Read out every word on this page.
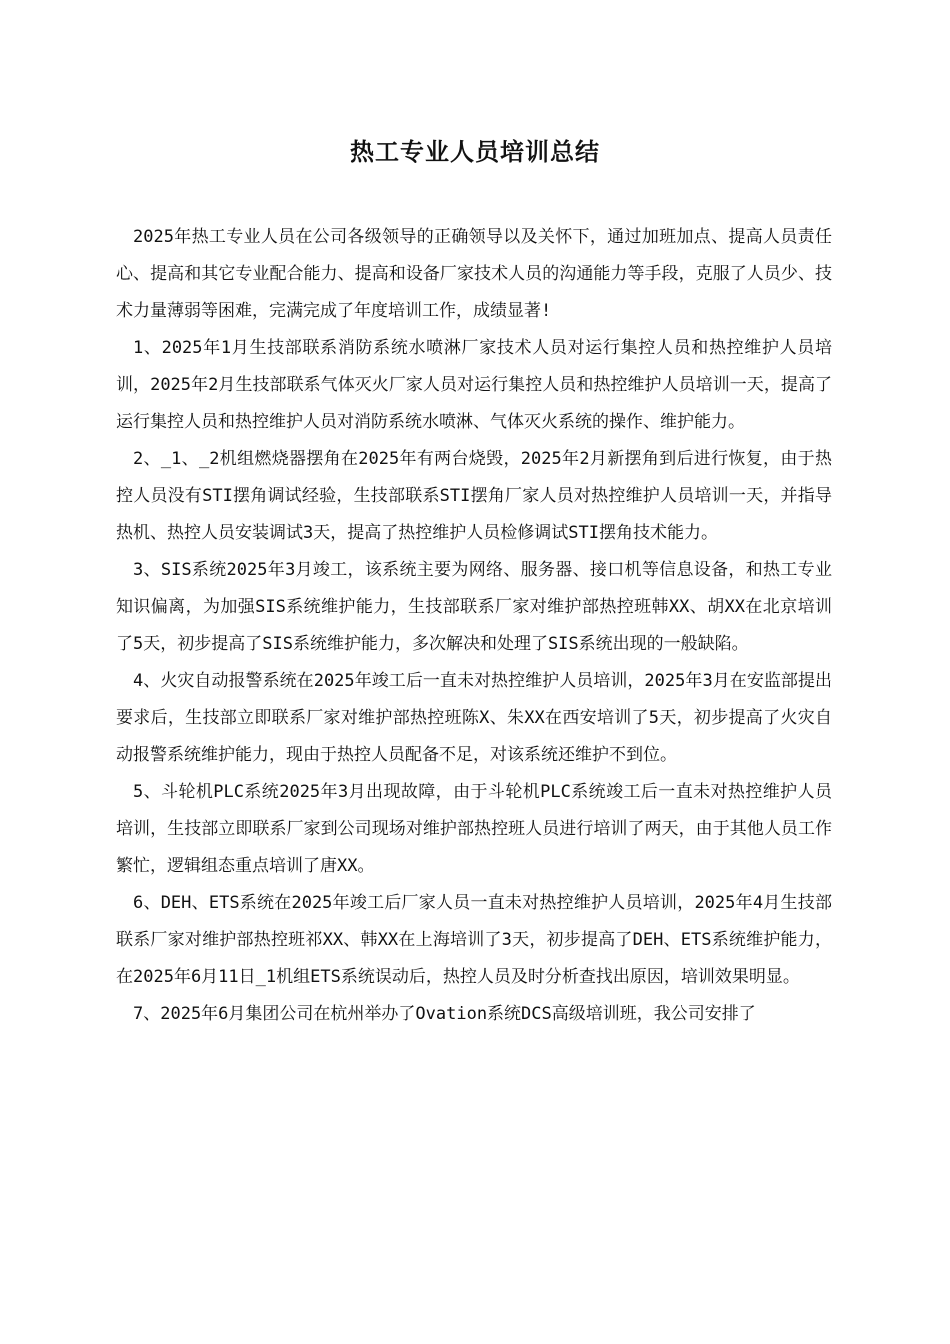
热工专业人员培训总结

2025年热工专业人员在公司各级领导的正确领导以及关怀下，通过加班加点、提高人员责任心、提高和其它专业配合能力、提高和设备厂家技术人员的沟通能力等手段，克服了人员少、技术力量薄弱等困难，完满完成了年度培训工作，成绩显著!

1、2025年1月生技部联系消防系统水喷淋厂家技术人员对运行集控人员和热控维护人员培训，2025年2月生技部联系气体灭火厂家人员对运行集控人员和热控维护人员培训一天，提高了运行集控人员和热控维护人员对消防系统水喷淋、气体灭火系统的操作、维护能力。

2、_1、_2机组燃烧器摆角在2025年有两台烧毁，2025年2月新摆角到后进行恢复，由于热控人员没有STI摆角调试经验，生技部联系STI摆角厂家人员对热控维护人员培训一天，并指导热机、热控人员安装调试3天，提高了热控维护人员检修调试STI摆角技术能力。

3、SIS系统2025年3月竣工，该系统主要为网络、服务器、接口机等信息设备，和热工专业知识偏离，为加强SIS系统维护能力，生技部联系厂家对维护部热控班韩XX、胡XX在北京培训了5天，初步提高了SIS系统维护能力，多次解决和处理了SIS系统出现的一般缺陷。

4、火灾自动报警系统在2025年竣工后一直未对热控维护人员培训，2025年3月在安监部提出要求后，生技部立即联系厂家对维护部热控班陈X、朱XX在西安培训了5天，初步提高了火灾自动报警系统维护能力，现由于热控人员配备不足，对该系统还维护不到位。

5、斗轮机PLC系统2025年3月出现故障，由于斗轮机PLC系统竣工后一直未对热控维护人员培训，生技部立即联系厂家到公司现场对维护部热控班人员进行培训了两天，由于其他人员工作繁忙，逻辑组态重点培训了唐XX。

6、DEH、ETS系统在2025年竣工后厂家人员一直未对热控维护人员培训，2025年4月生技部联系厂家对维护部热控班祁XX、韩XX在上海培训了3天，初步提高了DEH、ETS系统维护能力，在2025年6月11日_1机组ETS系统误动后，热控人员及时分析查找出原因，培训效果明显。

7、2025年6月集团公司在杭州举办了Ovation系统DCS高级培训班，我公司安排了
